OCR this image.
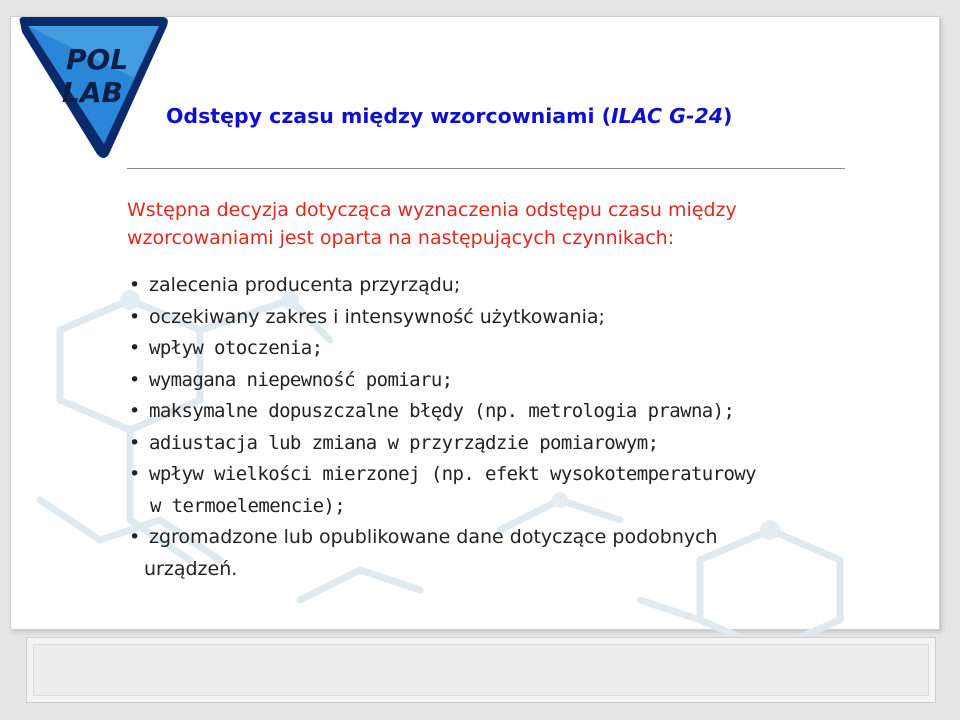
POL
LAB
Odstępy czasu między wzorcowniami (ILAC G-24)

Wstępna decyzja dotycząca wyznaczenia odstępu czasu między
wzorcowaniami jest oparta na następujących czynnikach:

• zalecenia producenta przyrządu;
• oczekiwany zakres i intensywność użytkowania;
• wpływ otoczenia;
• wymagana niepewność pomiaru;
• maksymalne dopuszczalne błędy (np. metrologia prawna);
• adiustacja lub zmiana w przyrządzie pomiarowym;
• wpływ wielkości mierzonej (np. efekt wysokotemperaturowy
w termoelemencie);
• zgromadzone lub opublikowane dane dotyczące podobnych
urządzeń.
